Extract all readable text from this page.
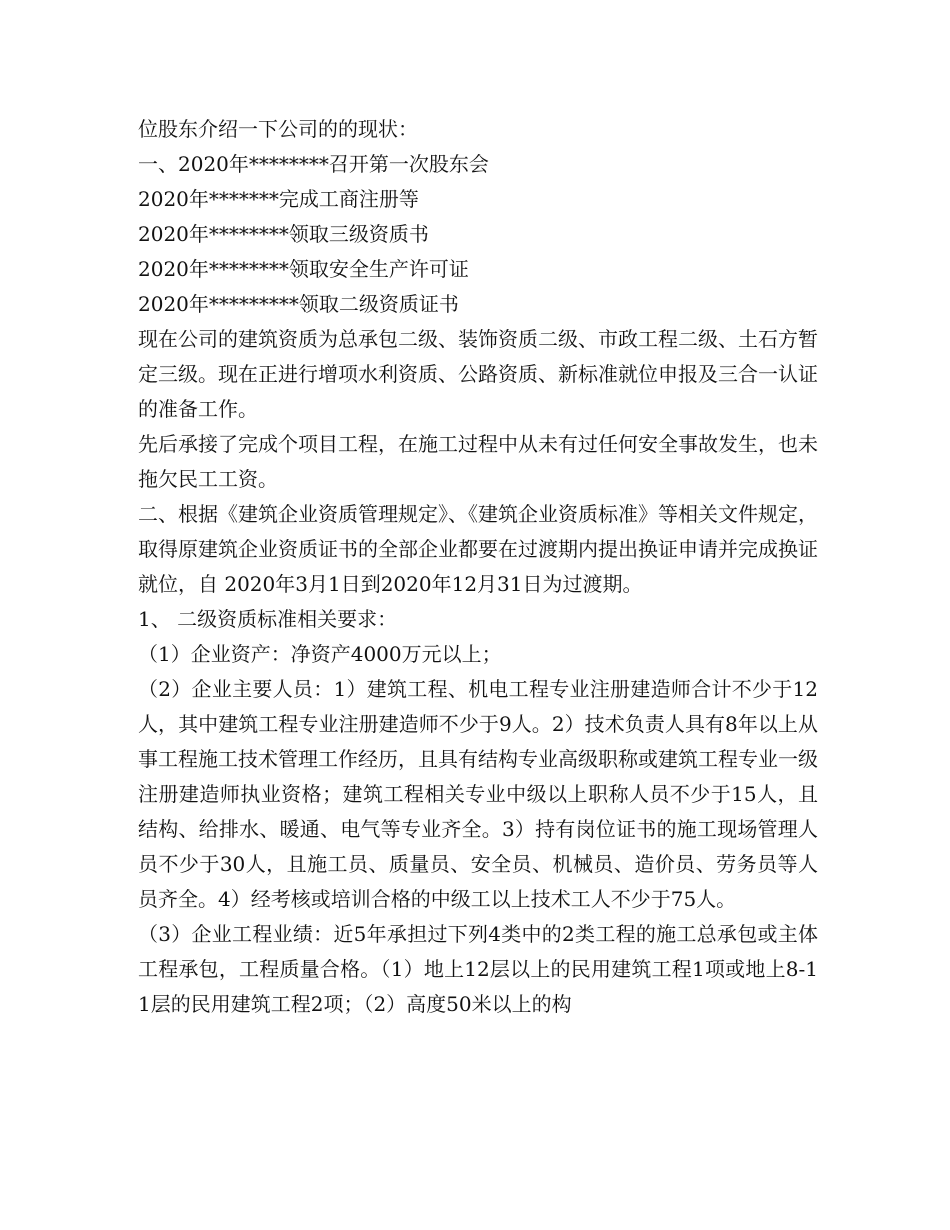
位股东介绍一下公司的的现状：

一、2020年********召开第一次股东会

2020年*******完成工商注册等

2020年********领取三级资质书

2020年********领取安全生产许可证

2020年*********领取二级资质证书

现在公司的建筑资质为总承包二级、装饰资质二级、市政工程二级、土石方暂定三级。现在正进行增项水利资质、公路资质、新标准就位申报及三合一认证的准备工作。

先后承接了完成个项目工程，在施工过程中从未有过任何安全事故发生，也未拖欠民工工资。

二、根据《建筑企业资质管理规定》、《建筑企业资质标准》等相关文件规定，取得原建筑企业资质证书的全部企业都要在过渡期内提出换证申请并完成换证就位，自 2020年3月1日到2020年12月31日为过渡期。

1、 二级资质标准相关要求：

（1）企业资产：净资产4000万元以上；

（2）企业主要人员：1）建筑工程、机电工程专业注册建造师合计不少于12人，其中建筑工程专业注册建造师不少于9人。2）技术负责人具有8年以上从事工程施工技术管理工作经历，且具有结构专业高级职称或建筑工程专业一级注册建造师执业资格；建筑工程相关专业中级以上职称人员不少于15人，且结构、给排水、暖通、电气等专业齐全。3）持有岗位证书的施工现场管理人员不少于30人，且施工员、质量员、安全员、机械员、造价员、劳务员等人员齐全。4）经考核或培训合格的中级工以上技术工人不少于75人。

（3）企业工程业绩：近5年承担过下列4类中的2类工程的施工总承包或主体工程承包，工程质量合格。（1）地上12层以上的民用建筑工程1项或地上8-11层的民用建筑工程2项；（2）高度50米以上的构
